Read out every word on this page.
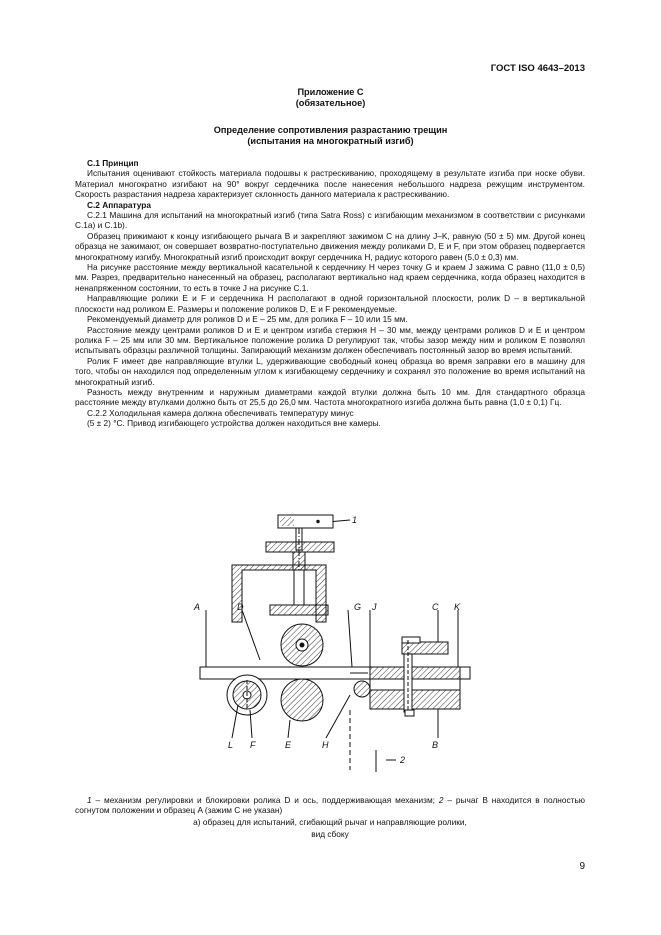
ГОСТ ISO 4643–2013
Приложение C
(обязательное)
Определение сопротивления разрастанию трещин
(испытания на многократный изгиб)

C.1 Принцип

Испытания оценивают стойкость материала подошвы к растрескиванию, проходящему в результате изгиба при носке обуви. Материал многократно изгибают на 90° вокруг сердечника после нанесения небольшого надреза режущим инструментом. Скорость разрастания надреза характеризует склонность данного материала к растрескиванию.

C.2 Аппаратура

С.2.1 Машина для испытаний на многократный изгиб (типа Satra Ross) с изгибающим механизмом в соответствии с рисунками С.1а) и С.1b).

Образец прижимают к концу изгибающего рычага В и закрепляют зажимом С на длину J–K, равную (50 ± 5) мм. Другой конец образца не зажимают, он совершает возвратно-поступательно движения между роликами D, E и F, при этом образец подвергается многократному изгибу. Многократный изгиб происходит вокруг сердечника H, радиус которого равен (5,0 ± 0,3) мм.

На рисунке расстояние между вертикальной касательной к сердечнику H через точку G и краем J зажима C равно (11,0 ± 0,5) мм. Разрез, предварительно нанесенный на образец, располагают вертикально над краем сердечника, когда образец находится в ненапряженном состоянии, то есть в точке J на рисунке C.1.

Направляющие ролики E и F и сердечника H располагают в одной горизонтальной плоскости, ролик D – в вертикальной плоскости над роликом E. Размеры и положение роликов D, E и F рекомендуемые.

Рекомендуемый диаметр для роликов D и E – 25 мм, для ролика F – 10 или 15 мм.

Расстояние между центрами роликов D и E и центром изгиба стержня H – 30 мм, между центрами роликов D и E и центром ролика F – 25 мм или 30 мм. Вертикальное положение ролика D регулируют так, чтобы зазор между ним и роликом E позволял испытывать образцы различной толщины. Запирающий механизм должен обеспечивать постоянный зазор во время испытаний.

Ролик F имеет две направляющие втулки L, удерживающие свободный конец образца во время заправки его в машину для того, чтобы он находился под определенным углом к изгибающему сердечнику и сохранял это положение во время испытаний на многократный изгиб.

Разность между внутренним и наружным диаметрами каждой втулки должна быть 10 мм. Для стандартного образца расстояние между втулками должно быть от 25,5 до 26,0 мм. Частота многократного изгиба должна быть равна (1,0 ± 0,1) Гц.

С.2.2 Холодильная камера должна обеспечивать температуру минус

(5 ± 2) °С. Привод изгибающего устройства должен находиться вне камеры.

1
A	D	G J	C K
L F	E	H	B
2
1 – механизм регулировки и блокировки ролика D и ось, поддерживающая механизм; 2 – рычаг B находится в полностью согнутом положении и образец A (зажим C не указан)
а) образец для испытаний, сгибающий рычаг и направляющие ролики,
вид сбоку
9
